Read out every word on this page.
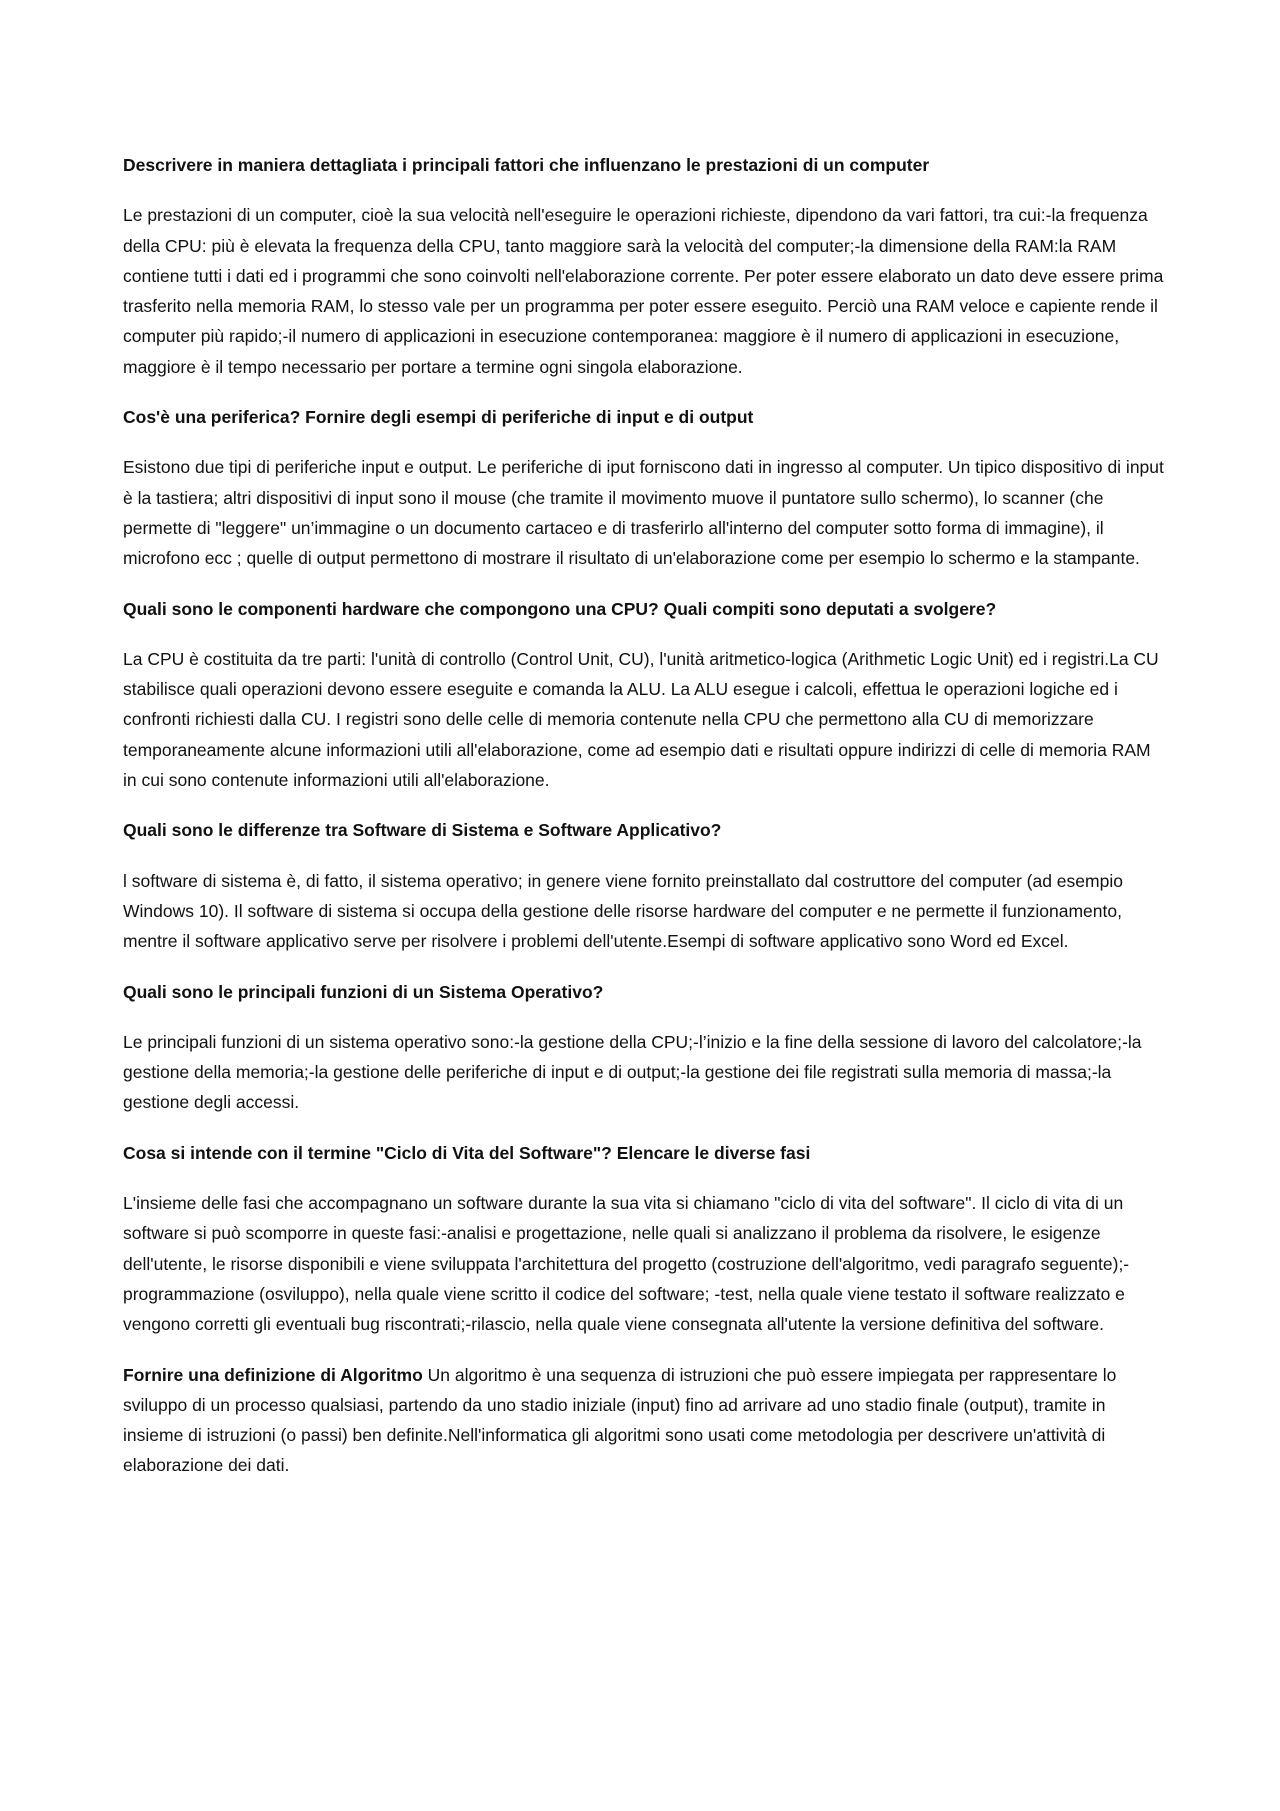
Descrivere in maniera dettagliata i principali fattori che influenzano le prestazioni di un computer

Le prestazioni di un computer, cioè la sua velocità nell'eseguire le operazioni richieste, dipendono da vari fattori, tra cui:-la frequenza della CPU: più è elevata la frequenza della CPU, tanto maggiore sarà la velocità del computer;-la dimensione della RAM:la RAM contiene tutti i dati ed i programmi che sono coinvolti nell'elaborazione corrente. Per poter essere elaborato un dato deve essere prima trasferito nella memoria RAM, lo stesso vale per un programma per poter essere eseguito. Perciò una RAM veloce e capiente rende il computer più rapido;-il numero di applicazioni in esecuzione contemporanea: maggiore è il numero di applicazioni in esecuzione, maggiore è il tempo necessario per portare a termine ogni singola elaborazione.

Cos'è una periferica? Fornire degli esempi di periferiche di input e di output

Esistono due tipi di periferiche input e output. Le periferiche di iput forniscono dati in ingresso al computer. Un tipico dispositivo di input è la tastiera; altri dispositivi di input sono il mouse (che tramite il movimento muove il puntatore sullo schermo), lo scanner (che permette di "leggere" un’immagine o un documento cartaceo e di trasferirlo all'interno del computer sotto forma di immagine), il microfono ecc ; quelle di output permettono di mostrare il risultato di un'elaborazione come per esempio lo schermo e la stampante.

Quali sono le componenti hardware che compongono una CPU? Quali compiti sono deputati a svolgere?

La CPU è costituita da tre parti: l'unità di controllo (Control Unit, CU), l'unità aritmetico-logica (Arithmetic Logic Unit) ed i registri.La CU stabilisce quali operazioni devono essere eseguite e comanda la ALU. La ALU esegue i calcoli, effettua le operazioni logiche ed i confronti richiesti dalla CU. I registri sono delle celle di memoria contenute nella CPU che permettono alla CU di memorizzare temporaneamente alcune informazioni utili all'elaborazione, come ad esempio dati e risultati oppure indirizzi di celle di memoria RAM in cui sono contenute informazioni utili all'elaborazione.

Quali sono le differenze tra Software di Sistema e Software Applicativo?

l software di sistema è, di fatto, il sistema operativo; in genere viene fornito preinstallato dal costruttore del computer (ad esempio Windows 10). Il software di sistema si occupa della gestione delle risorse hardware del computer e ne permette il funzionamento, mentre il software applicativo serve per risolvere i problemi dell'utente.Esempi di software applicativo sono Word ed Excel.

Quali sono le principali funzioni di un Sistema Operativo?

Le principali funzioni di un sistema operativo sono:-la gestione della CPU;-l’inizio e la fine della sessione di lavoro del calcolatore;-la gestione della memoria;-la gestione delle periferiche di input e di output;-la gestione dei file registrati sulla memoria di massa;-la gestione degli accessi.

Cosa si intende con il termine "Ciclo di Vita del Software"? Elencare le diverse fasi

L'insieme delle fasi che accompagnano un software durante la sua vita si chiamano "ciclo di vita del software". Il ciclo di vita di un software si può scomporre in queste fasi:-analisi e progettazione, nelle quali si analizzano il problema da risolvere, le esigenze dell'utente, le risorse disponibili e viene sviluppata l'architettura del progetto (costruzione dell'algoritmo, vedi paragrafo seguente);-programmazione (osviluppo), nella quale viene scritto il codice del software; -test, nella quale viene testato il software realizzato e vengono corretti gli eventuali bug riscontrati;-rilascio, nella quale viene consegnata all'utente la versione definitiva del software.

Fornire una definizione di Algoritmo Un algoritmo è una sequenza di istruzioni che può essere impiegata per rappresentare lo sviluppo di un processo qualsiasi, partendo da uno stadio iniziale (input) fino ad arrivare ad uno stadio finale (output), tramite in insieme di istruzioni (o passi) ben definite.Nell'informatica gli algoritmi sono usati come metodologia per descrivere un'attività di elaborazione dei dati.
